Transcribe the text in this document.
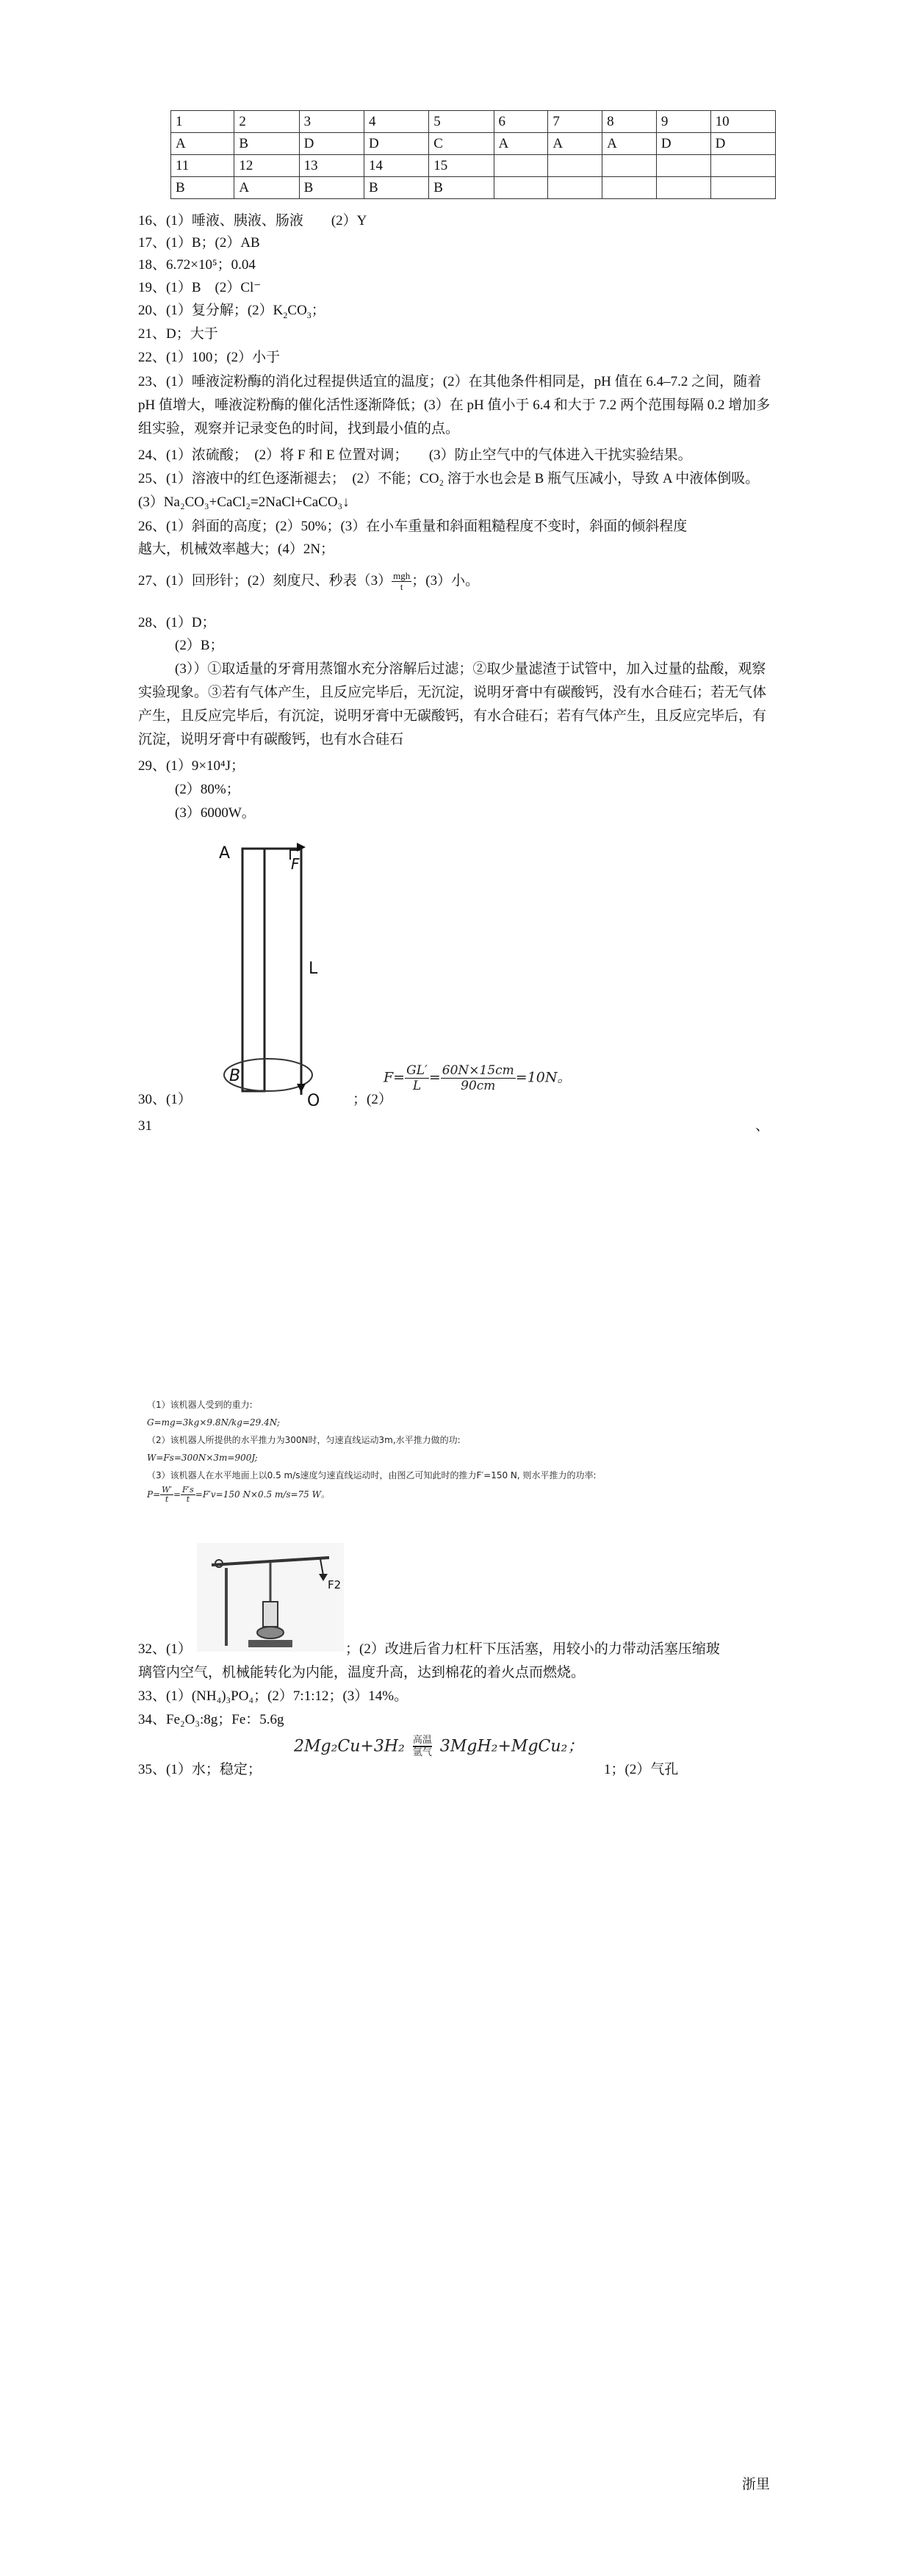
1	2	3	4	5	6	7	8	9	10
A	B	D	D	C	A	A	A	D	D
11	12	13	14	15					
B	A	B	B	B					
16、(1）唾液、胰液、肠液　　(2）Y
17、(1）B；(2）AB
18、6.72×10⁵；0.04
19、(1）B　(2）Cl⁻
20、(1）复分解；$(2)K_2CO_3$；
21、D；大于
22、(1）100；(2）小于
23、(1）唾液淀粉酶的消化过程提供适宜的温度；(2）在其他条件相同是，pH 值在 6.4–7.2 之间，随着 pH 值增大，唾液淀粉酶的催化活性逐渐降低；(3）在 pH 值小于 6.4 和大于 7.2 两个范围每隔 0.2 增加多组实验，观察并记录变色的时间，找到最小值的点。
24、(1）浓硫酸；　(2）将 F 和 E 位置对调；　　(3）防止空气中的气体进入干扰实验结果。
25、(1）溶液中的红色逐渐褪去；　(2）不能；CO₂ 溶于水也会是 B 瓶气压减小，导致 A 中液体倒吸。　(3）Na₂CO₃+CaCl₂=2NaCl+CaCO₃↓
26、(1）斜面的高度；(2）50%；(3）在小车重量和斜面粗糙程度不变时，斜面的倾斜程度
越大，机械效率越大；(4）2N；
27、(1）回形针；(2）刻度尺、秒表$(3) \frac{\text{mgh}}{t}$ ；(3）小。
28、(1）D；
(2）B；
(3））①取适量的牙膏用蒸馏水充分溶解后过滤；②取少量滤渣于试管中，加入过量的盐酸，观察实验现象。③若有气体产生，且反应完毕后，无沉淀，说明牙膏中有碳酸钙，没有水合硅石；若无气体产生，且反应完毕后，有沉淀，说明牙膏中无碳酸钙，有水合硅石；若有气体产生，且反应完毕后，有沉淀，说明牙膏中有碳酸钙，也有水合硅石
29、(1）9×10⁴J；
(2）80%；
(3）6000W。
A
F
L
B
O
30、(1）	；(2）
$F= \frac{GL'}{L} = \frac{60N\times 15cm}{90cm} =10N$。
31	、
（1）该机器人受到的重力:
G=mg=3kg×9.8N/kg=29.4N;
（2）该机器人所提供的水平推力为300N时，匀速直线运动3m,水平推力做的功:
W=Fs=300N×3m=900J;
（3）该机器人在水平地面上以0.5 m/s速度匀速直线运动时，由图乙可知此时的推力F′=150 N, 则水平推力的功率:
$P= \frac{W'}{t} = \frac{F's}{t} =F'v=150$ N×0.5 m/s=75 W。
F2
32、(1）	；(2）改进后省力杠杆下压活塞，用较小的力带动活塞压缩玻
璃管内空气，机械能转化为内能，温度升高，达到棉花的着火点而燃烧。
33、(1）(NH₄)₃PO₄；(2）7:1:12；(3）14%。
34、Fe₂O₃:8g；Fe：5.6g
2Mg₂Cu+3H₂ 高温
氩气 3MgH₂+MgCu₂；
35、(1）水；稳定；	1；(2）气孔
浙里
